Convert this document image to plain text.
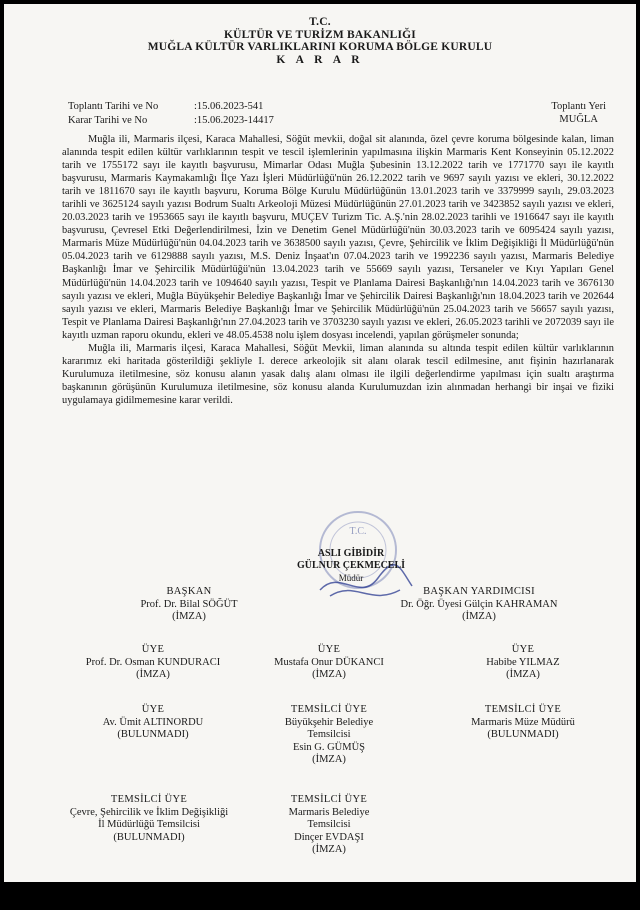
T.C.
KÜLTÜR VE TURİZM BAKANLIĞI
MUĞLA KÜLTÜR VARLIKLARINI KORUMA BÖLGE KURULU
K A R A R
Toplantı Tarihi ve No	:15.06.2023-541
Karar Tarihi ve No	:15.06.2023-14417
Toplantı Yeri
MUĞLA

Muğla ili, Marmaris ilçesi, Karaca Mahallesi, Söğüt mevkii, doğal sit alanında, özel çevre koruma bölgesinde kalan, liman alanında tespit edilen kültür varlıklarının tespit ve tescil işlemlerinin yapılmasına ilişkin Marmaris Kent Konseyinin 05.12.2022 tarih ve 1755172 sayı ile kayıtlı başvurusu, Mimarlar Odası Muğla Şubesinin 13.12.2022 tarih ve 1771770 sayı ile kayıtlı başvurusu, Marmaris Kaymakamlığı İlçe Yazı İşleri Müdürlüğü'nün 26.12.2022 tarih ve 9697 sayılı yazısı ve ekleri, 30.12.2022 tarih ve 1811670 sayı ile kayıtlı başvuru, Koruma Bölge Kurulu Müdürlüğünün 13.01.2023 tarih ve 3379999 sayılı, 29.03.2023 tarihli ve 3625124 sayılı yazısı Bodrum Sualtı Arkeoloji Müzesi Müdürlüğünün 27.01.2023 tarih ve 3423852 sayılı yazısı ve ekleri, 20.03.2023 tarih ve 1953665 sayı ile kayıtlı başvuru, MUÇEV Turizm Tic. A.Ş.'nin 28.02.2023 tarihli ve 1916647 sayı ile kayıtlı başvurusu, Çevresel Etki Değerlendirilmesi, İzin ve Denetim Genel Müdürlüğü'nün 30.03.2023 tarih ve 6095424 sayılı yazısı, Marmaris Müze Müdürlüğü'nün 04.04.2023 tarih ve 3638500 sayılı yazısı, Çevre, Şehircilik ve İklim Değişikliği İl Müdürlüğü'nün 05.04.2023 tarih ve 6129888 sayılı yazısı, M.S. Deniz İnşaat'ın 07.04.2023 tarih ve 1992236 sayılı yazısı, Marmaris Belediye Başkanlığı İmar ve Şehircilik Müdürlüğü'nün 13.04.2023 tarih ve 55669 sayılı yazısı, Tersaneler ve Kıyı Yapıları Genel Müdürlüğü'nün 14.04.2023 tarih ve 1094640 sayılı yazısı, Tespit ve Planlama Dairesi Başkanlığı'nın 14.04.2023 tarih ve 3676130 sayılı yazısı ve ekleri, Muğla Büyükşehir Belediye Başkanlığı İmar ve Şehircilik Dairesi Başkanlığı'nın 18.04.2023 tarih ve 202644 sayılı yazısı ve ekleri, Marmaris Belediye Başkanlığı İmar ve Şehircilik Müdürlüğü'nün 25.04.2023 tarih ve 56657 sayılı yazısı, Tespit ve Planlama Dairesi Başkanlığı'nın 27.04.2023 tarih ve 3703230 sayılı yazısı ve ekleri, 26.05.2023 tarihli ve 2072039 sayı ile kayıtlı uzman raporu okundu, ekleri ve 48.05.4538 nolu işlem dosyası incelendi, yapılan görüşmeler sonunda;

Muğla ili, Marmaris ilçesi, Karaca Mahallesi, Söğüt Mevkii, liman alanında su altında tespit edilen kültür varlıklarının kararımız eki haritada gösterildiği şekliyle I. derece arkeolojik sit alanı olarak tescil edilmesine, anıt fişinin hazırlanarak Kurulumuza iletilmesine, söz konusu alanın yasak dalış alanı olması ile ilgili değerlendirme yapılması için sualtı araştırma başkanının görüşünün Kurulumuza iletilmesine, söz konusu alanda Kurulumuzdan izin alınmadan herhangi bir inşai ve fiziki uygulamaya gidilmemesine karar verildi.

T.C.
ASLI GİBİDİR
GÜLNUR ÇEKMECELİ
Müdür
BAŞKAN
Prof. Dr. Bilal SÖĞÜT
(İMZA)
BAŞKAN YARDIMCISI
Dr. Öğr. Üyesi Gülçin KAHRAMAN
(İMZA)
ÜYE
Prof. Dr. Osman KUNDURACI
(İMZA)
ÜYE
Mustafa Onur DÜKANCI
(İMZA)
ÜYE
Habibe YILMAZ
(İMZA)
ÜYE
Av. Ümit ALTINORDU
(BULUNMADI)
TEMSİLCİ ÜYE
Büyükşehir Belediye
Temsilcisi
Esin G. GÜMÜŞ
(İMZA)
TEMSİLCİ ÜYE
Marmaris Müze Müdürü
(BULUNMADI)
TEMSİLCİ ÜYE
Çevre, Şehircilik ve İklim Değişikliği
İl Müdürlüğü Temsilcisi
(BULUNMADI)
TEMSİLCİ ÜYE
Marmaris Belediye
Temsilcisi
Dinçer EVDAŞI
(İMZA)
